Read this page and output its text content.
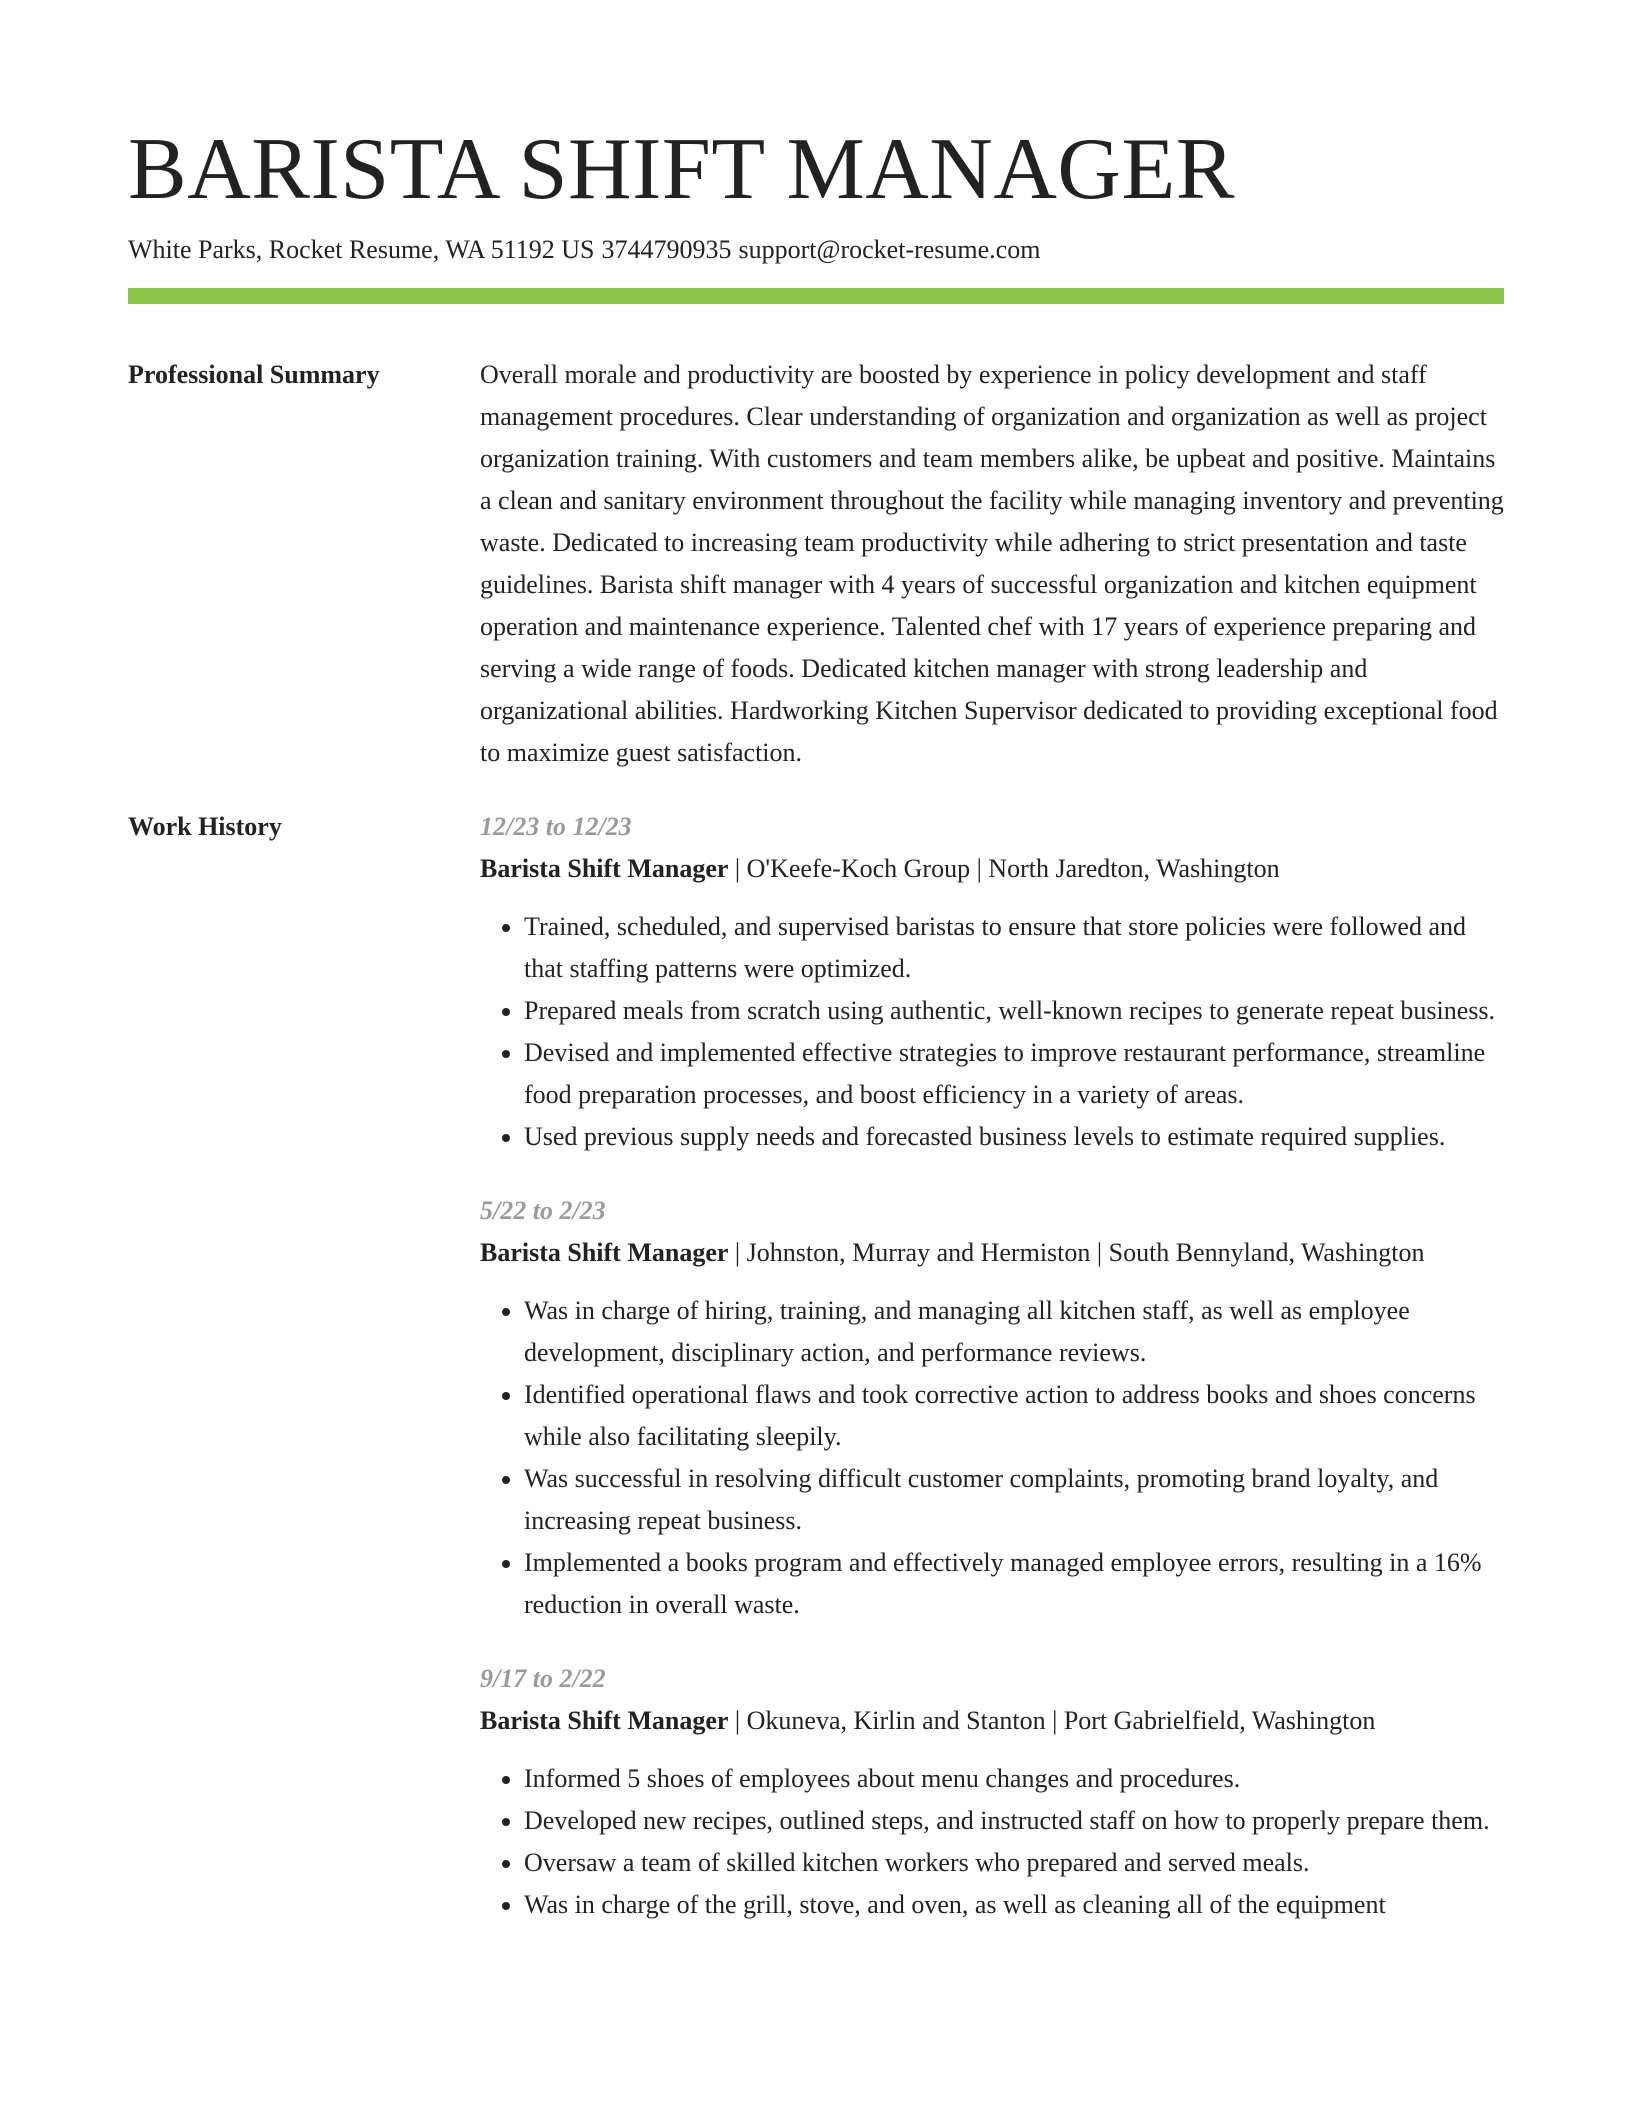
BARISTA SHIFT MANAGER
White Parks, Rocket Resume, WA 51192 US 3744790935 support@rocket-resume.com
Professional Summary	Overall morale and productivity are boosted by experience in policy development and staff management procedures. Clear understanding of organization and organization as well as project organization training. With customers and team members alike, be upbeat and positive. Maintains a clean and sanitary environment throughout the facility while managing inventory and preventing waste. Dedicated to increasing team productivity while adhering to strict presentation and taste guidelines. Barista shift manager with 4 years of successful organization and kitchen equipment operation and maintenance experience. Talented chef with 17 years of experience preparing and serving a wide range of foods. Dedicated kitchen manager with strong leadership and organizational abilities. Hardworking Kitchen Supervisor dedicated to providing exceptional food to maximize guest satisfaction.

Work History	12/23 to 12/23
Barista Shift Manager | O'Keefe-Koch Group | North Jaredton, Washington
• Trained, scheduled, and supervised baristas to ensure that store policies were followed and that staffing patterns were optimized.
• Prepared meals from scratch using authentic, well-known recipes to generate repeat business.
• Devised and implemented effective strategies to improve restaurant performance, streamline food preparation processes, and boost efficiency in a variety of areas.
• Used previous supply needs and forecasted business levels to estimate required supplies.
5/22 to 2/23
Barista Shift Manager | Johnston, Murray and Hermiston | South Bennyland, Washington
• Was in charge of hiring, training, and managing all kitchen staff, as well as employee development, disciplinary action, and performance reviews.
• Identified operational flaws and took corrective action to address books and shoes concerns while also facilitating sleepily.
• Was successful in resolving difficult customer complaints, promoting brand loyalty, and increasing repeat business.
• Implemented a books program and effectively managed employee errors, resulting in a 16% reduction in overall waste.
9/17 to 2/22
Barista Shift Manager | Okuneva, Kirlin and Stanton | Port Gabrielfield, Washington
• Informed 5 shoes of employees about menu changes and procedures.
• Developed new recipes, outlined steps, and instructed staff on how to properly prepare them.
• Oversaw a team of skilled kitchen workers who prepared and served meals.
• Was in charge of the grill, stove, and oven, as well as cleaning all of the equipment
